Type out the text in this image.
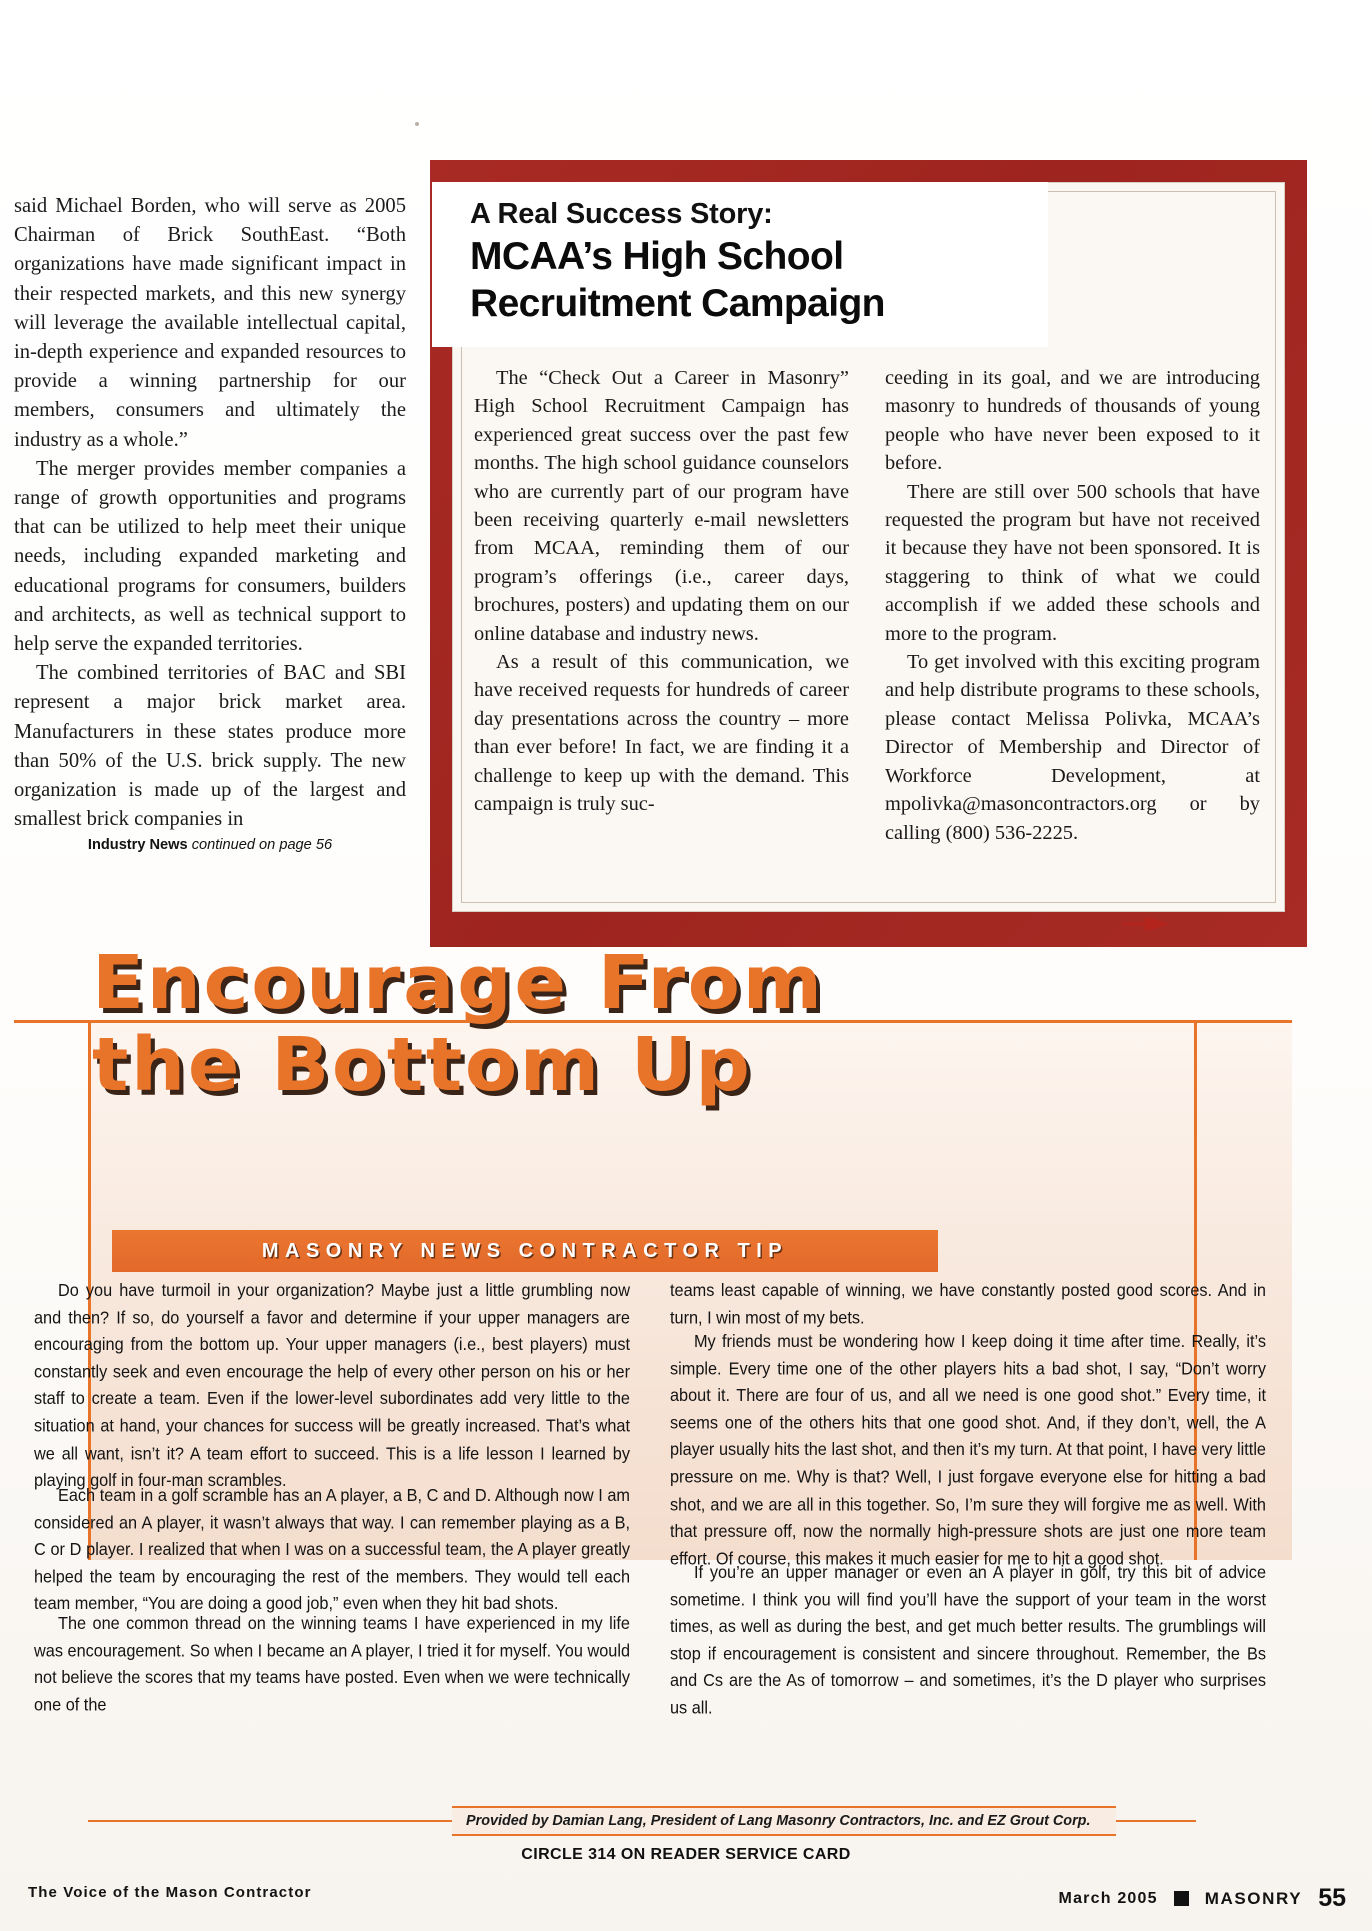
said Michael Borden, who will serve as 2005 Chairman of Brick SouthEast. “Both organizations have made significant impact in their respected markets, and this new synergy will leverage the available intellectual capital, in-depth experience and expanded resources to provide a winning partnership for our members, consumers and ultimately the industry as a whole.”

The merger provides member companies a range of growth opportunities and programs that can be utilized to help meet their unique needs, including expanded marketing and educational programs for consumers, builders and architects, as well as technical support to help serve the expanded territories.

The combined territories of BAC and SBI represent a major brick market area. Manufacturers in these states produce more than 50% of the U.S. brick supply. The new organization is made up of the largest and smallest brick companies in

Industry News continued on page 56
A Real Success Story:
MCAA’s High School
Recruitment Campaign

The “Check Out a Career in Masonry” High School Recruitment Campaign has experienced great success over the past few months. The high school guidance counselors who are currently part of our program have been receiving quarterly e-mail newsletters from MCAA, reminding them of our program’s offerings (i.e., career days, brochures, posters) and updating them on our online database and industry news.

As a result of this communication, we have received requests for hundreds of career day presentations across the country – more than ever before! In fact, we are finding it a challenge to keep up with the demand. This campaign is truly suc-

ceeding in its goal, and we are introducing masonry to hundreds of thousands of young people who have never been exposed to it before.

There are still over 500 schools that have requested the program but have not received it because they have not been sponsored. It is staggering to think of what we could accomplish if we added these schools and more to the program.

To get involved with this exciting program and help distribute programs to these schools, please contact Melissa Polivka, MCAA’s Director of Membership and Director of Workforce Development, at mpolivka@masoncontractors.org or by calling (800) 536-2225.

Encourage From
the Bottom Up
MASONRY NEWS CONTRACTOR TIP

Do you have turmoil in your organization? Maybe just a little grumbling now and then? If so, do yourself a favor and determine if your upper managers are encouraging from the bottom up. Your upper managers (i.e., best players) must constantly seek and even encourage the help of every other person on his or her staff to create a team. Even if the lower-level subordinates add very little to the situation at hand, your chances for success will be greatly increased. That’s what we all want, isn’t it? A team effort to succeed. This is a life lesson I learned by playing golf in four-man scrambles.

Each team in a golf scramble has an A player, a B, C and D. Although now I am considered an A player, it wasn’t always that way. I can remember playing as a B, C or D player. I realized that when I was on a successful team, the A player greatly helped the team by encouraging the rest of the members. They would tell each team member, “You are doing a good job,” even when they hit bad shots.

The one common thread on the winning teams I have experienced in my life was encouragement. So when I became an A player, I tried it for myself. You would not believe the scores that my teams have posted. Even when we were technically one of the

teams least capable of winning, we have constantly posted good scores. And in turn, I win most of my bets.

My friends must be wondering how I keep doing it time after time. Really, it’s simple. Every time one of the other players hits a bad shot, I say, “Don’t worry about it. There are four of us, and all we need is one good shot.” Every time, it seems one of the others hits that one good shot. And, if they don’t, well, the A player usually hits the last shot, and then it’s my turn. At that point, I have very little pressure on me. Why is that? Well, I just forgave everyone else for hitting a bad shot, and we are all in this together. So, I’m sure they will forgive me as well. With that pressure off, now the normally high-pressure shots are just one more team effort. Of course, this makes it much easier for me to hit a good shot.

If you’re an upper manager or even an A player in golf, try this bit of advice sometime. I think you will find you’ll have the support of your team in the worst times, as well as during the best, and get much better results. The grumblings will stop if encouragement is consistent and sincere throughout. Remember, the Bs and Cs are the As of tomorrow – and sometimes, it’s the D player who surprises us all.

Provided by Damian Lang, President of Lang Masonry Contractors, Inc. and EZ Grout Corp.
CIRCLE 314 ON READER SERVICE CARD
The Voice of the Mason Contractor	March 2005	MASONRY 55
